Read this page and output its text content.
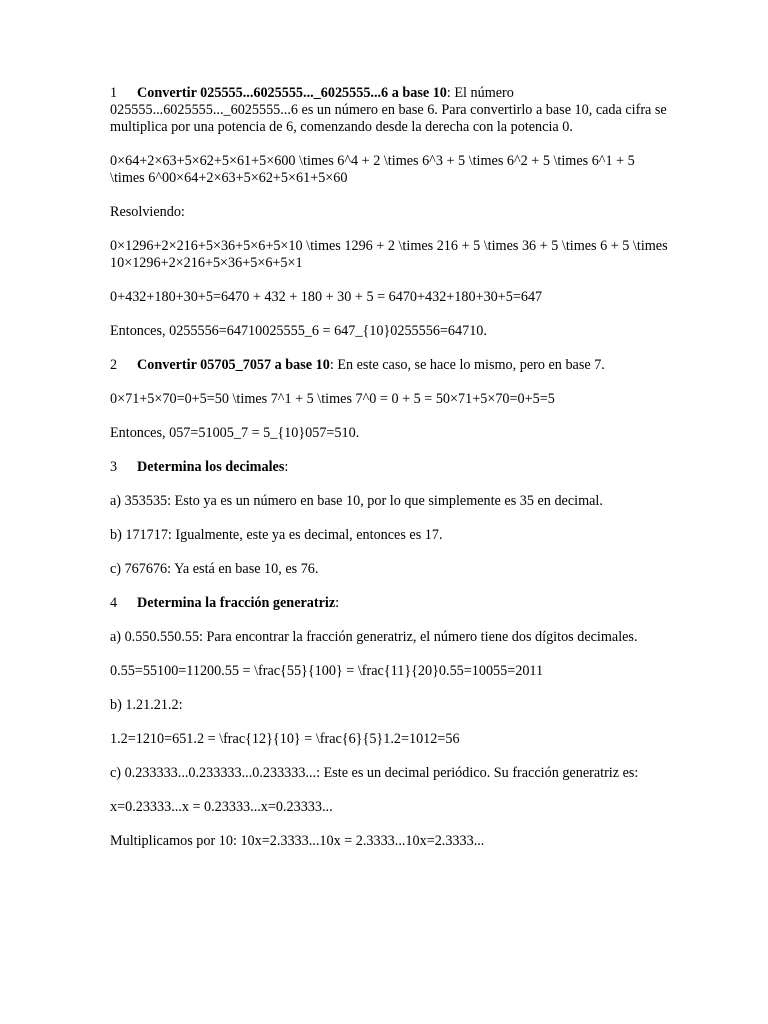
1 Convertir 025555...6025555..._6025555...6 a base 10: El número 025555...6025555..._6025555...6 es un número en base 6. Para convertirlo a base 10, cada cifra se multiplica por una potencia de 6, comenzando desde la derecha con la potencia 0.

0×64+2×63+5×62+5×61+5×600 \times 6^4 + 2 \times 6^3 + 5 \times 6^2 + 5 \times 6^1 + 5 \times 6^00×64+2×63+5×62+5×61+5×60

Resolviendo:

0×1296+2×216+5×36+5×6+5×10 \times 1296 + 2 \times 216 + 5 \times 36 + 5 \times 6 + 5 \times 10×1296+2×216+5×36+5×6+5×1

0+432+180+30+5=6470 + 432 + 180 + 30 + 5 = 6470+432+180+30+5=647

Entonces, 0255556=64710025555_6 = 647_{10}0255556=64710.

2 Convertir 05705_7057 a base 10: En este caso, se hace lo mismo, pero en base 7.

0×71+5×70=0+5=50 \times 7^1 + 5 \times 7^0 = 0 + 5 = 50×71+5×70=0+5=5

Entonces, 057=51005_7 = 5_{10}057=510.

3 Determina los decimales:

a) 353535: Esto ya es un número en base 10, por lo que simplemente es 35 en decimal.

b) 171717: Igualmente, este ya es decimal, entonces es 17.

c) 767676: Ya está en base 10, es 76.

4 Determina la fracción generatriz:

a) 0.550.550.55: Para encontrar la fracción generatriz, el número tiene dos dígitos decimales.

0.55=55100=11200.55 = \frac{55}{100} = \frac{11}{20}0.55=10055=2011

b) 1.21.21.2:

1.2=1210=651.2 = \frac{12}{10} = \frac{6}{5}1.2=1012=56

c) 0.233333...0.233333...0.233333...: Este es un decimal periódico. Su fracción generatriz es:

x=0.23333...x = 0.23333...x=0.23333...

Multiplicamos por 10: 10x=2.3333...10x = 2.3333...10x=2.3333...
